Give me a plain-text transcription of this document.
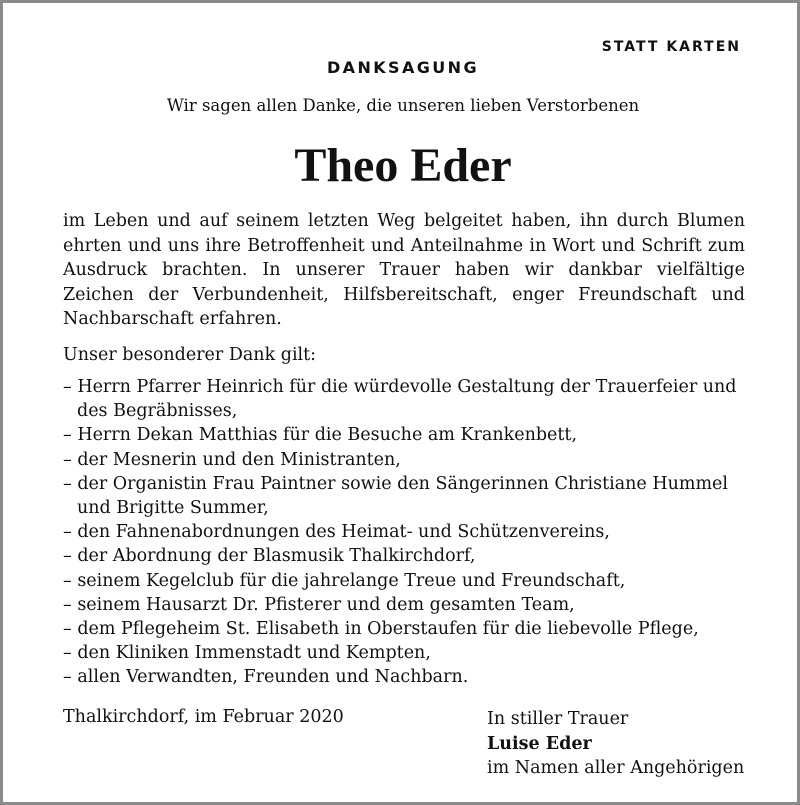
STATT KARTEN
DANKSAGUNG
Wir sagen allen Danke, die unseren lieben Verstorbenen
Theo Eder
im Leben und auf seinem letzten Weg belgeitet haben, ihn durch Blumen ehrten und uns ihre Betroffenheit und Anteilnahme in Wort und Schrift zum Ausdruck brachten. In unserer Trauer haben wir dankbar vielfältige Zeichen der Verbundenheit, Hilfsbereitschaft, enger Freundschaft und Nachbarschaft erfahren.
Unser besonderer Dank gilt:
– Herrn Pfarrer Heinrich für die würdevolle Gestaltung der Trauerfeier und des Begräbnisses,
– Herrn Dekan Matthias für die Besuche am Krankenbett,
– der Mesnerin und den Ministranten,
– der Organistin Frau Paintner sowie den Sängerinnen Christiane Hummel und Brigitte Summer,
– den Fahnenabordnungen des Heimat- und Schützenvereins,
– der Abordnung der Blasmusik Thalkirchdorf,
– seinem Kegelclub für die jahrelange Treue und Freundschaft,
– seinem Hausarzt Dr. Pfisterer und dem gesamten Team,
– dem Pflegeheim St. Elisabeth in Oberstaufen für die liebevolle Pflege,
– den Kliniken Immenstadt und Kempten,
– allen Verwandten, Freunden und Nachbarn.
Thalkirchdorf, im Februar 2020	In stiller Trauer
Luise Eder
im Namen aller Angehörigen
